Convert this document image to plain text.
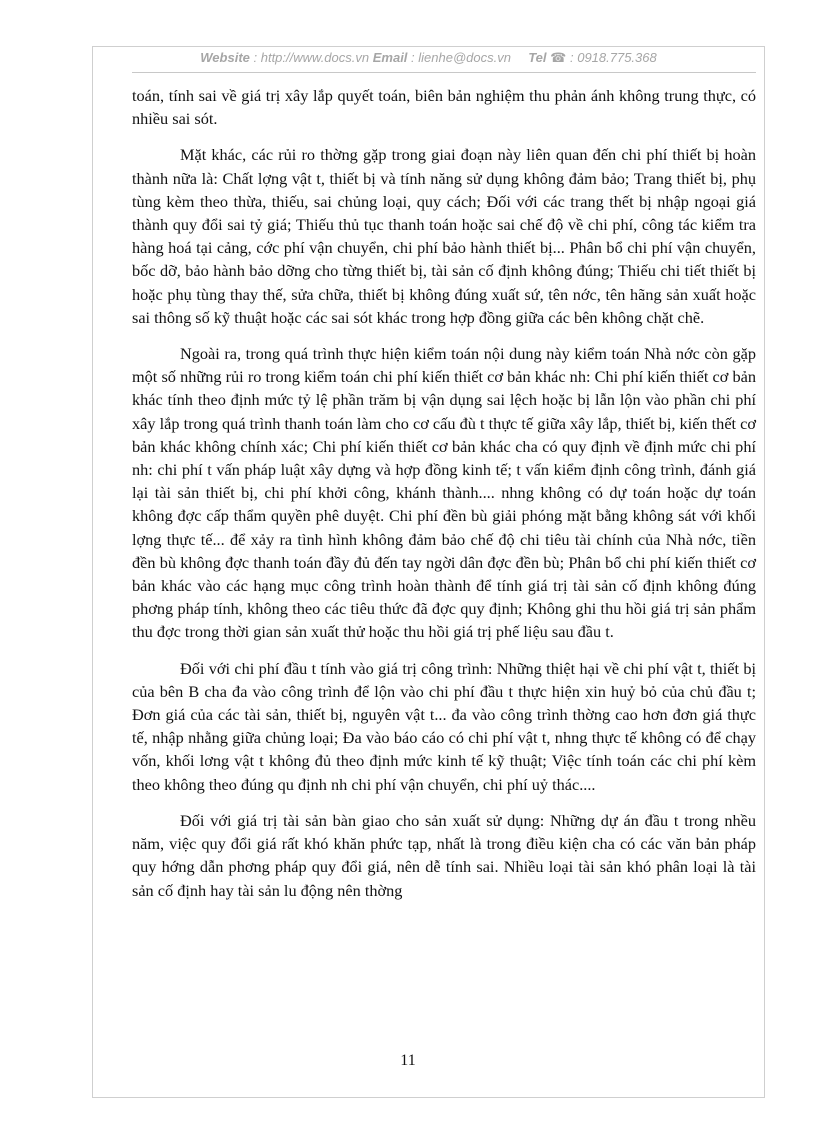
Website : http://www.docs.vn Email : lienhe@docs.vn Tel ☎ : 0918.775.368

toán, tính sai về giá trị xây lắp quyết toán, biên bản nghiệm thu phản ánh không trung thực, có nhiều sai sót.

Mặt khác, các rủi ro thờng gặp trong giai đoạn này liên quan đến chi phí thiết bị hoàn thành nữa là: Chất lợng vật t, thiết bị và tính năng sử dụng không đảm bảo; Trang thiết bị, phụ tùng kèm theo thừa, thiếu, sai chủng loại, quy cách; Đối với các trang thết bị nhập ngoại giá thành quy đổi sai tỷ giá; Thiếu thủ tục thanh toán hoặc sai chế độ về chi phí, công tác kiểm tra hàng hoá tại cảng, cớc phí vận chuyển, chi phí bảo hành thiết bị... Phân bổ chi phí vận chuyển, bốc dỡ, bảo hành bảo dỡng cho từng thiết bị, tài sản cố định không đúng; Thiếu chi tiết thiết bị hoặc phụ tùng thay thế, sửa chữa, thiết bị không đúng xuất sứ, tên nớc, tên hãng sản xuất hoặc sai thông số kỹ thuật hoặc các sai sót khác trong hợp đồng giữa các bên không chặt chẽ.

Ngoài ra, trong quá trình thực hiện kiểm toán nội dung này kiểm toán Nhà nớc còn gặp một số những rủi ro trong kiểm toán chi phí kiến thiết cơ bản khác nh: Chi phí kiến thiết cơ bản khác tính theo định mức tỷ lệ phần trăm bị vận dụng sai lệch hoặc bị lẫn lộn vào phần chi phí xây lắp trong quá trình thanh toán làm cho cơ cấu đù t thực tế giữa xây lắp, thiết bị, kiến thết cơ bản khác không chính xác; Chi phí kiến thiết cơ bản khác cha có quy định về định mức chi phí nh: chi phí t vấn pháp luật xây dựng và hợp đồng kinh tế; t vấn kiểm định công trình, đánh giá lại tài sản thiết bị, chi phí khởi công, khánh thành.... nhng không có dự toán hoặc dự toán không đợc cấp thẩm quyền phê duyệt. Chi phí đền bù giải phóng mặt bằng không sát với khối lợng thực tế... để xảy ra tình hình không đảm bảo chế độ chi tiêu tài chính của Nhà nớc, tiền đền bù không đợc thanh toán đầy đủ đến tay ngời dân đợc đền bù; Phân bổ chi phí kiến thiết cơ bản khác vào các hạng mục công trình hoàn thành để tính giá trị tài sản cố định không đúng phơng pháp tính, không theo các tiêu thức đã đợc quy định; Không ghi thu hồi giá trị sản phẩm thu đợc trong thời gian sản xuất thử hoặc thu hồi giá trị phế liệu sau đầu t.

Đối với chi phí đầu t tính vào giá trị công trình: Những thiệt hại về chi phí vật t, thiết bị của bên B cha đa vào công trình để lộn vào chi phí đầu t thực hiện xin huỷ bỏ của chủ đầu t; Đơn giá của các tài sản, thiết bị, nguyên vật t... đa vào công trình thờng cao hơn đơn giá thực tế, nhập nhằng giữa chủng loại; Đa vào báo cáo có chi phí vật t, nhng thực tế không có để chạy vốn, khối lơng vật t không đủ theo định mức kinh tế kỹ thuật; Việc tính toán các chi phí kèm theo không theo đúng qu định nh chi phí vận chuyển, chi phí uỷ thác....

Đối với giá trị tài sản bàn giao cho sản xuất sử dụng: Những dự án đầu t trong nhều năm, việc quy đổi giá rất khó khăn phức tạp, nhất là trong điều kiện cha có các văn bản pháp quy hớng dẫn phơng pháp quy đổi giá, nên dễ tính sai. Nhiều loại tài sản khó phân loại là tài sản cố định hay tài sản lu động nên thờng

11
